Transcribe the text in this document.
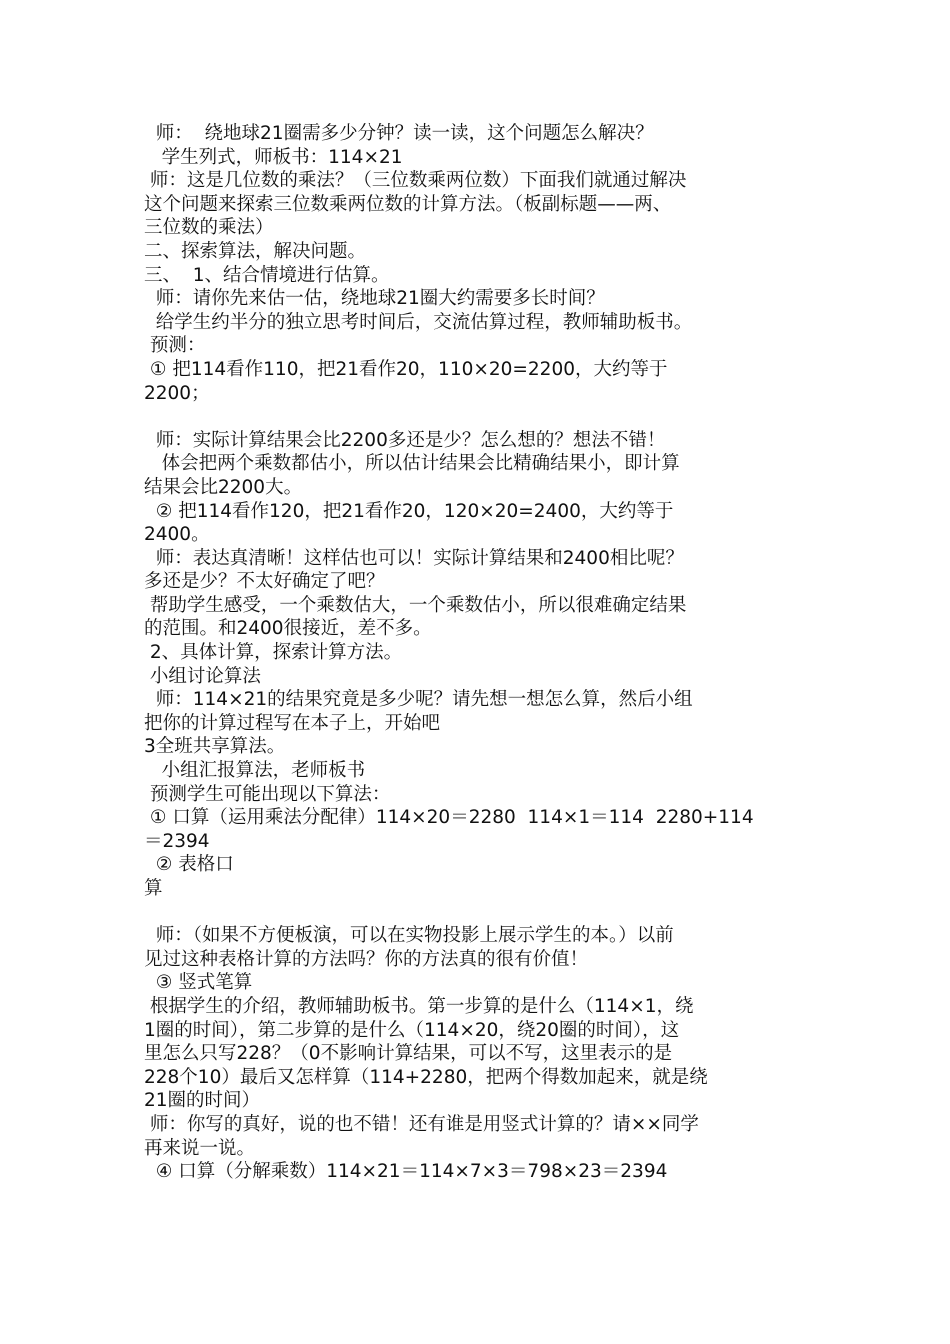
师：  绕地球21圈需多少分钟？读一读，这个问题怎么解决？
学生列式，师板书：114×21
师：这是几位数的乘法？（三位数乘两位数）下面我们就通过解决
这个问题来探索三位数乘两位数的计算方法。（板副标题——两、
三位数的乘法）
二、探索算法，解决问题。
三、  1、结合情境进行估算。
师：请你先来估一估，绕地球21圈大约需要多长时间？
给学生约半分的独立思考时间后，交流估算过程，教师辅助板书。
预测：
① 把114看作110，把21看作20，110×20=2200，大约等于
2200；
师：实际计算结果会比2200多还是少？怎么想的？想法不错！
体会把两个乘数都估小，所以估计结果会比精确结果小，即计算
结果会比2200大。
② 把114看作120，把21看作20，120×20=2400，大约等于
2400。
师：表达真清晰！这样估也可以！实际计算结果和2400相比呢？
多还是少？不太好确定了吧？
帮助学生感受，一个乘数估大，一个乘数估小，所以很难确定结果
的范围。和2400很接近，差不多。
2、具体计算，探索计算方法。
小组讨论算法
师：114×21的结果究竟是多少呢？请先想一想怎么算，然后小组
把你的计算过程写在本子上，开始吧
3全班共享算法。
小组汇报算法，老师板书
预测学生可能出现以下算法：
① 口算（运用乘法分配律）114×20＝2280  114×1＝114  2280+114
＝2394
② 表格口
算
师：（如果不方便板演，可以在实物投影上展示学生的本。）以前
见过这种表格计算的方法吗？你的方法真的很有价值！
③ 竖式笔算
根据学生的介绍，教师辅助板书。第一步算的是什么（114×1，绕
1圈的时间），第二步算的是什么（114×20，绕20圈的时间），这
里怎么只写228？（0不影响计算结果，可以不写，这里表示的是
228个10）最后又怎样算（114+2280，把两个得数加起来，就是绕
21圈的时间）
师：你写的真好，说的也不错！还有谁是用竖式计算的？请××同学
再来说一说。
④ 口算（分解乘数）114×21＝114×7×3＝798×23＝2394
